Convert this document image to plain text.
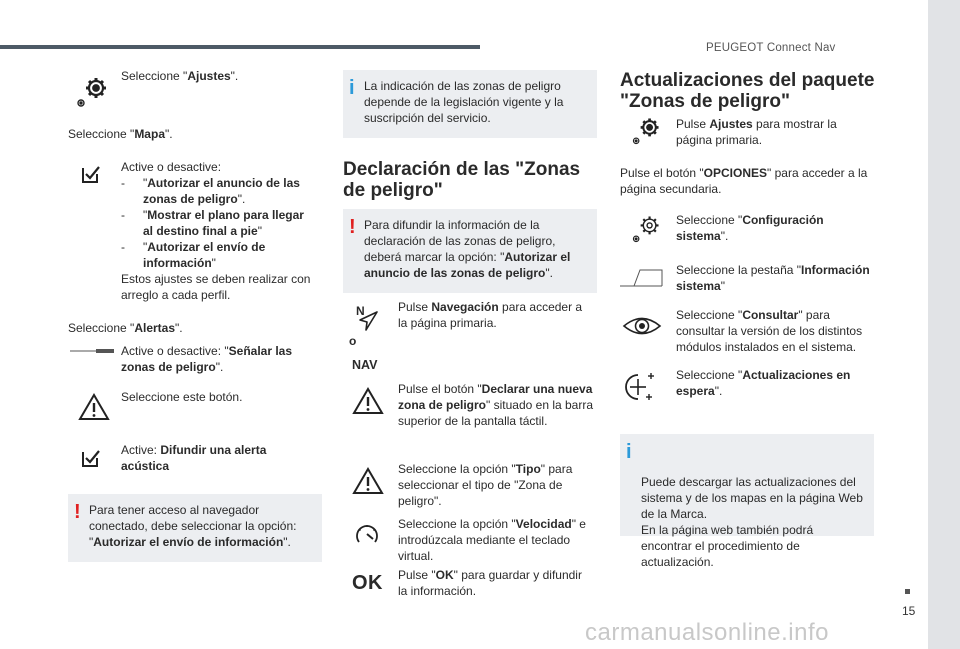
PEUGEOT Connect Nav
15
carmanualsonline.info
Seleccione "Ajustes".
Seleccione "Mapa".
Active o desactive:
- "Autorizar el anuncio de las zonas de peligro".
- "Mostrar el plano para llegar al destino final a pie"
- "Autorizar el envío de información"
Estos ajustes se deben realizar con arreglo a cada perfil.
Seleccione "Alertas".
Active o desactive: "Señalar las zonas de peligro".
Seleccione este botón.
Active: Difundir una alerta acústica
! Para tener acceso al navegador conectado, debe seleccionar la opción: "Autorizar el envío de información".
i La indicación de las zonas de peligro depende de la legislación vigente y la suscripción del servicio.
Declaración de las "Zonas de peligro"
! Para difundir la información de la declaración de las zonas de peligro, deberá marcar la opción: "Autorizar el anuncio de las zonas de peligro".
N
o
NAV
Pulse Navegación para acceder a la página primaria.
Pulse el botón "Declarar una nueva zona de peligro" situado en la barra superior de la pantalla táctil.
Seleccione la opción "Tipo" para seleccionar el tipo de "Zona de peligro".
Seleccione la opción "Velocidad" e introdúzcala mediante el teclado virtual.
OK Pulse "OK" para guardar y difundir la información.
Actualizaciones del paquete "Zonas de peligro"
Pulse Ajustes para mostrar la página primaria.
Pulse el botón "OPCIONES" para acceder a la página secundaria.
Seleccione "Configuración sistema".
Seleccione la pestaña "Información sistema"
Seleccione "Consultar" para consultar la versión de los distintos módulos instalados en el sistema.
Seleccione "Actualizaciones en espera".

i

Puede descargar las actualizaciones del sistema y de los mapas en la página Web de la Marca.
En la página web también podrá encontrar el procedimiento de actualización.
